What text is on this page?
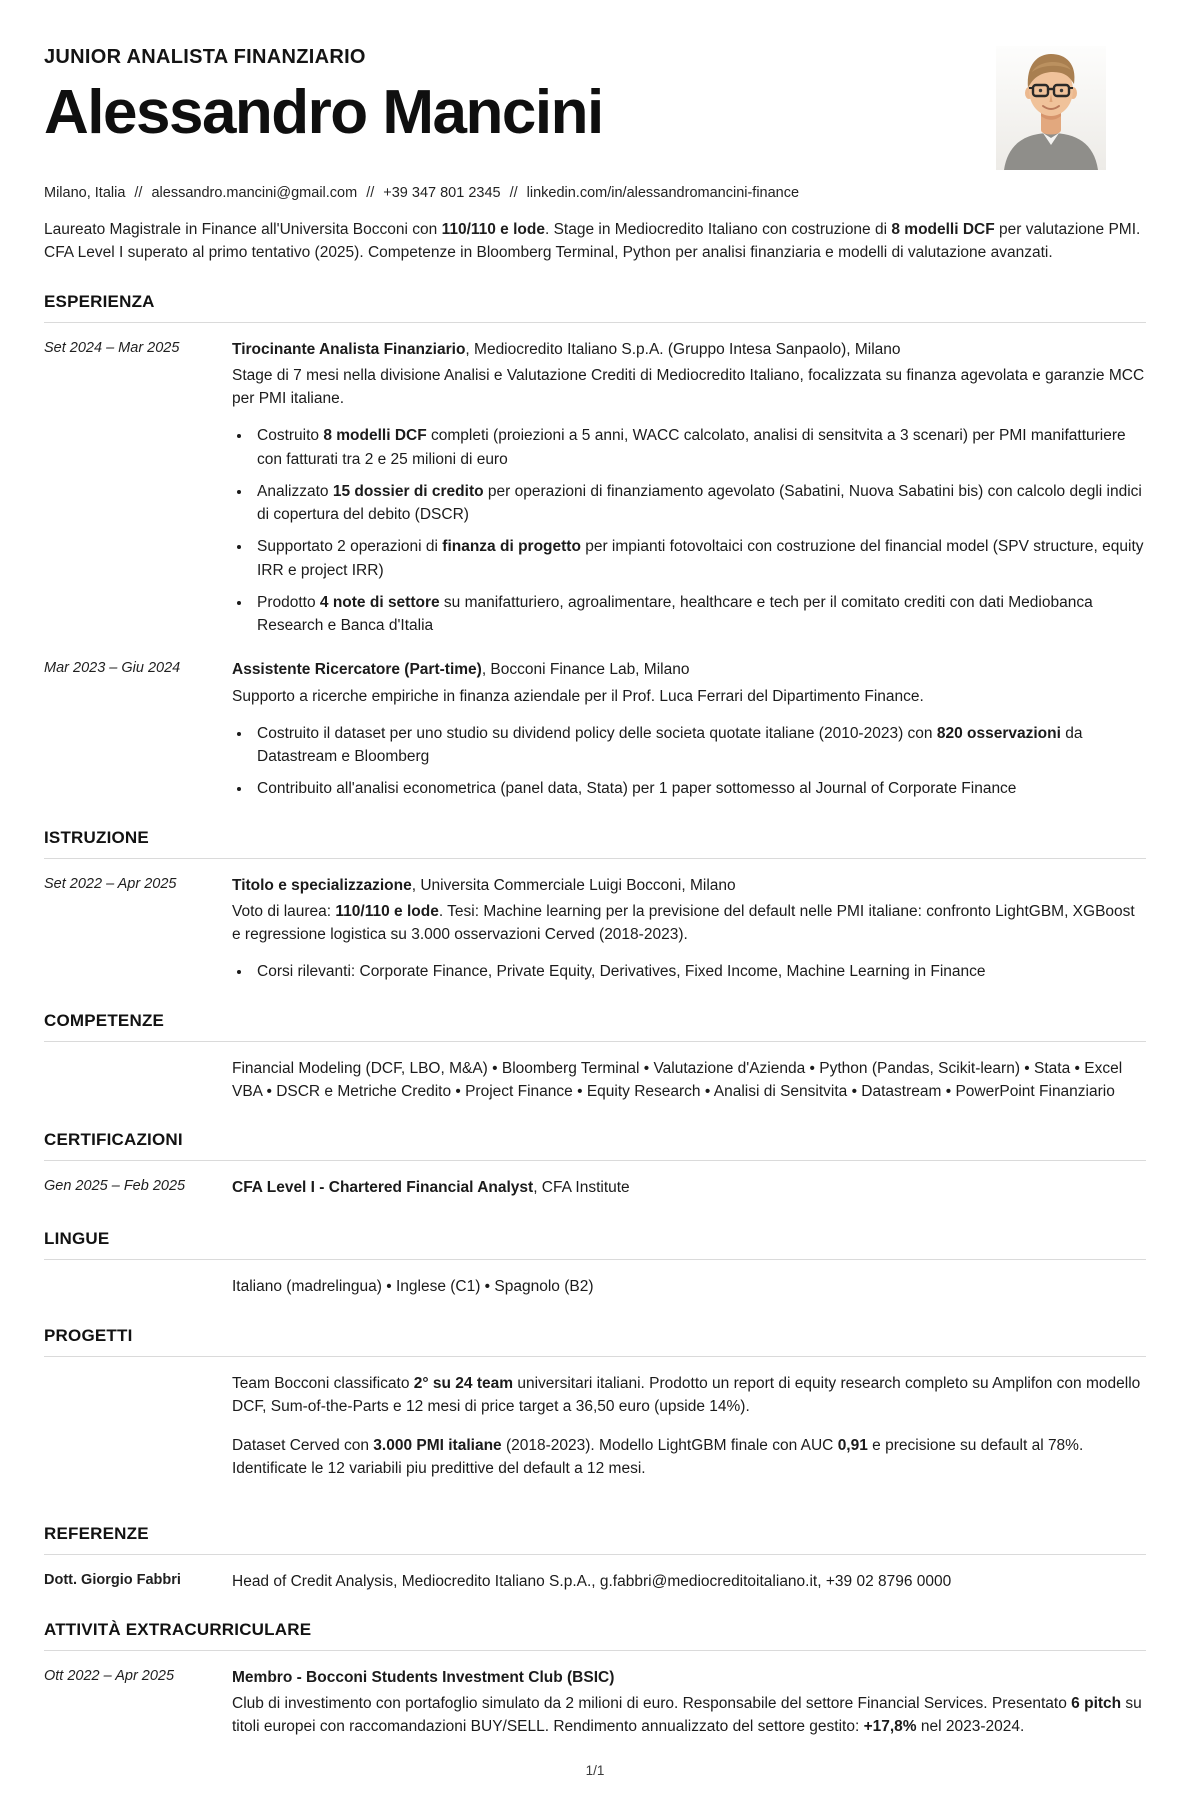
JUNIOR ANALISTA FINANZIARIO
Alessandro Mancini
Milano, Italia // alessandro.mancini@gmail.com // +39 347 801 2345 // linkedin.com/in/alessandromancini-finance

Laureato Magistrale in Finance all'Universita Bocconi con 110/110 e lode. Stage in Mediocredito Italiano con costruzione di 8 modelli DCF per valutazione PMI. CFA Level I superato al primo tentativo (2025). Competenze in Bloomberg Terminal, Python per analisi finanziaria e modelli di valutazione avanzati.

ESPERIENZA
Set 2024 – Mar 2025	Tirocinante Analista Finanziario, Mediocredito Italiano S.p.A. (Gruppo Intesa Sanpaolo), Milano

Stage di 7 mesi nella divisione Analisi e Valutazione Crediti di Mediocredito Italiano, focalizzata su finanza agevolata e garanzie MCC per PMI italiane.

• Costruito 8 modelli DCF completi (proiezioni a 5 anni, WACC calcolato, analisi di sensitvita a 3 scenari) per PMI manifatturiere con fatturati tra 2 e 25 milioni di euro
• Analizzato 15 dossier di credito per operazioni di finanziamento agevolato (Sabatini, Nuova Sabatini bis) con calcolo degli indici di copertura del debito (DSCR)
• Supportato 2 operazioni di finanza di progetto per impianti fotovoltaici con costruzione del financial model (SPV structure, equity IRR e project IRR)
• Prodotto 4 note di settore su manifatturiero, agroalimentare, healthcare e tech per il comitato crediti con dati Mediobanca Research e Banca d'Italia
Mar 2023 – Giu 2024	Assistente Ricercatore (Part-time), Bocconi Finance Lab, Milano

Supporto a ricerche empiriche in finanza aziendale per il Prof. Luca Ferrari del Dipartimento Finance.

• Costruito il dataset per uno studio su dividend policy delle societa quotate italiane (2010-2023) con 820 osservazioni da Datastream e Bloomberg
• Contribuito all'analisi econometrica (panel data, Stata) per 1 paper sottomesso al Journal of Corporate Finance
ISTRUZIONE
Set 2022 – Apr 2025	Titolo e specializzazione, Universita Commerciale Luigi Bocconi, Milano

Voto di laurea: 110/110 e lode. Tesi: Machine learning per la previsione del default nelle PMI italiane: confronto LightGBM, XGBoost e regressione logistica su 3.000 osservazioni Cerved (2018-2023).

• Corsi rilevanti: Corporate Finance, Private Equity, Derivatives, Fixed Income, Machine Learning in Finance
COMPETENZE

Financial Modeling (DCF, LBO, M&A) • Bloomberg Terminal • Valutazione d'Azienda • Python (Pandas, Scikit-learn) • Stata • Excel VBA • DSCR e Metriche Credito • Project Finance • Equity Research • Analisi di Sensitvita • Datastream • PowerPoint Finanziario

CERTIFICAZIONI
Gen 2025 – Feb 2025	CFA Level I - Chartered Financial Analyst, CFA Institute
LINGUE

Italiano (madrelingua) • Inglese (C1) • Spagnolo (B2)

PROGETTI

Team Bocconi classificato 2° su 24 team universitari italiani. Prodotto un report di equity research completo su Amplifon con modello DCF, Sum-of-the-Parts e 12 mesi di price target a 36,50 euro (upside 14%).

Dataset Cerved con 3.000 PMI italiane (2018-2023). Modello LightGBM finale con AUC 0,91 e precisione su default al 78%. Identificate le 12 variabili piu predittive del default a 12 mesi.

REFERENZE
Dott. Giorgio Fabbri	Head of Credit Analysis, Mediocredito Italiano S.p.A., g.fabbri@mediocreditoitaliano.it, +39 02 8796 0000

ATTIVITÀ EXTRACURRICULARE
Ott 2022 – Apr 2025	Membro - Bocconi Students Investment Club (BSIC)

Club di investimento con portafoglio simulato da 2 milioni di euro. Responsabile del settore Financial Services. Presentato 6 pitch su titoli europei con raccomandazioni BUY/SELL. Rendimento annualizzato del settore gestito: +17,8% nel 2023-2024.

1/1
